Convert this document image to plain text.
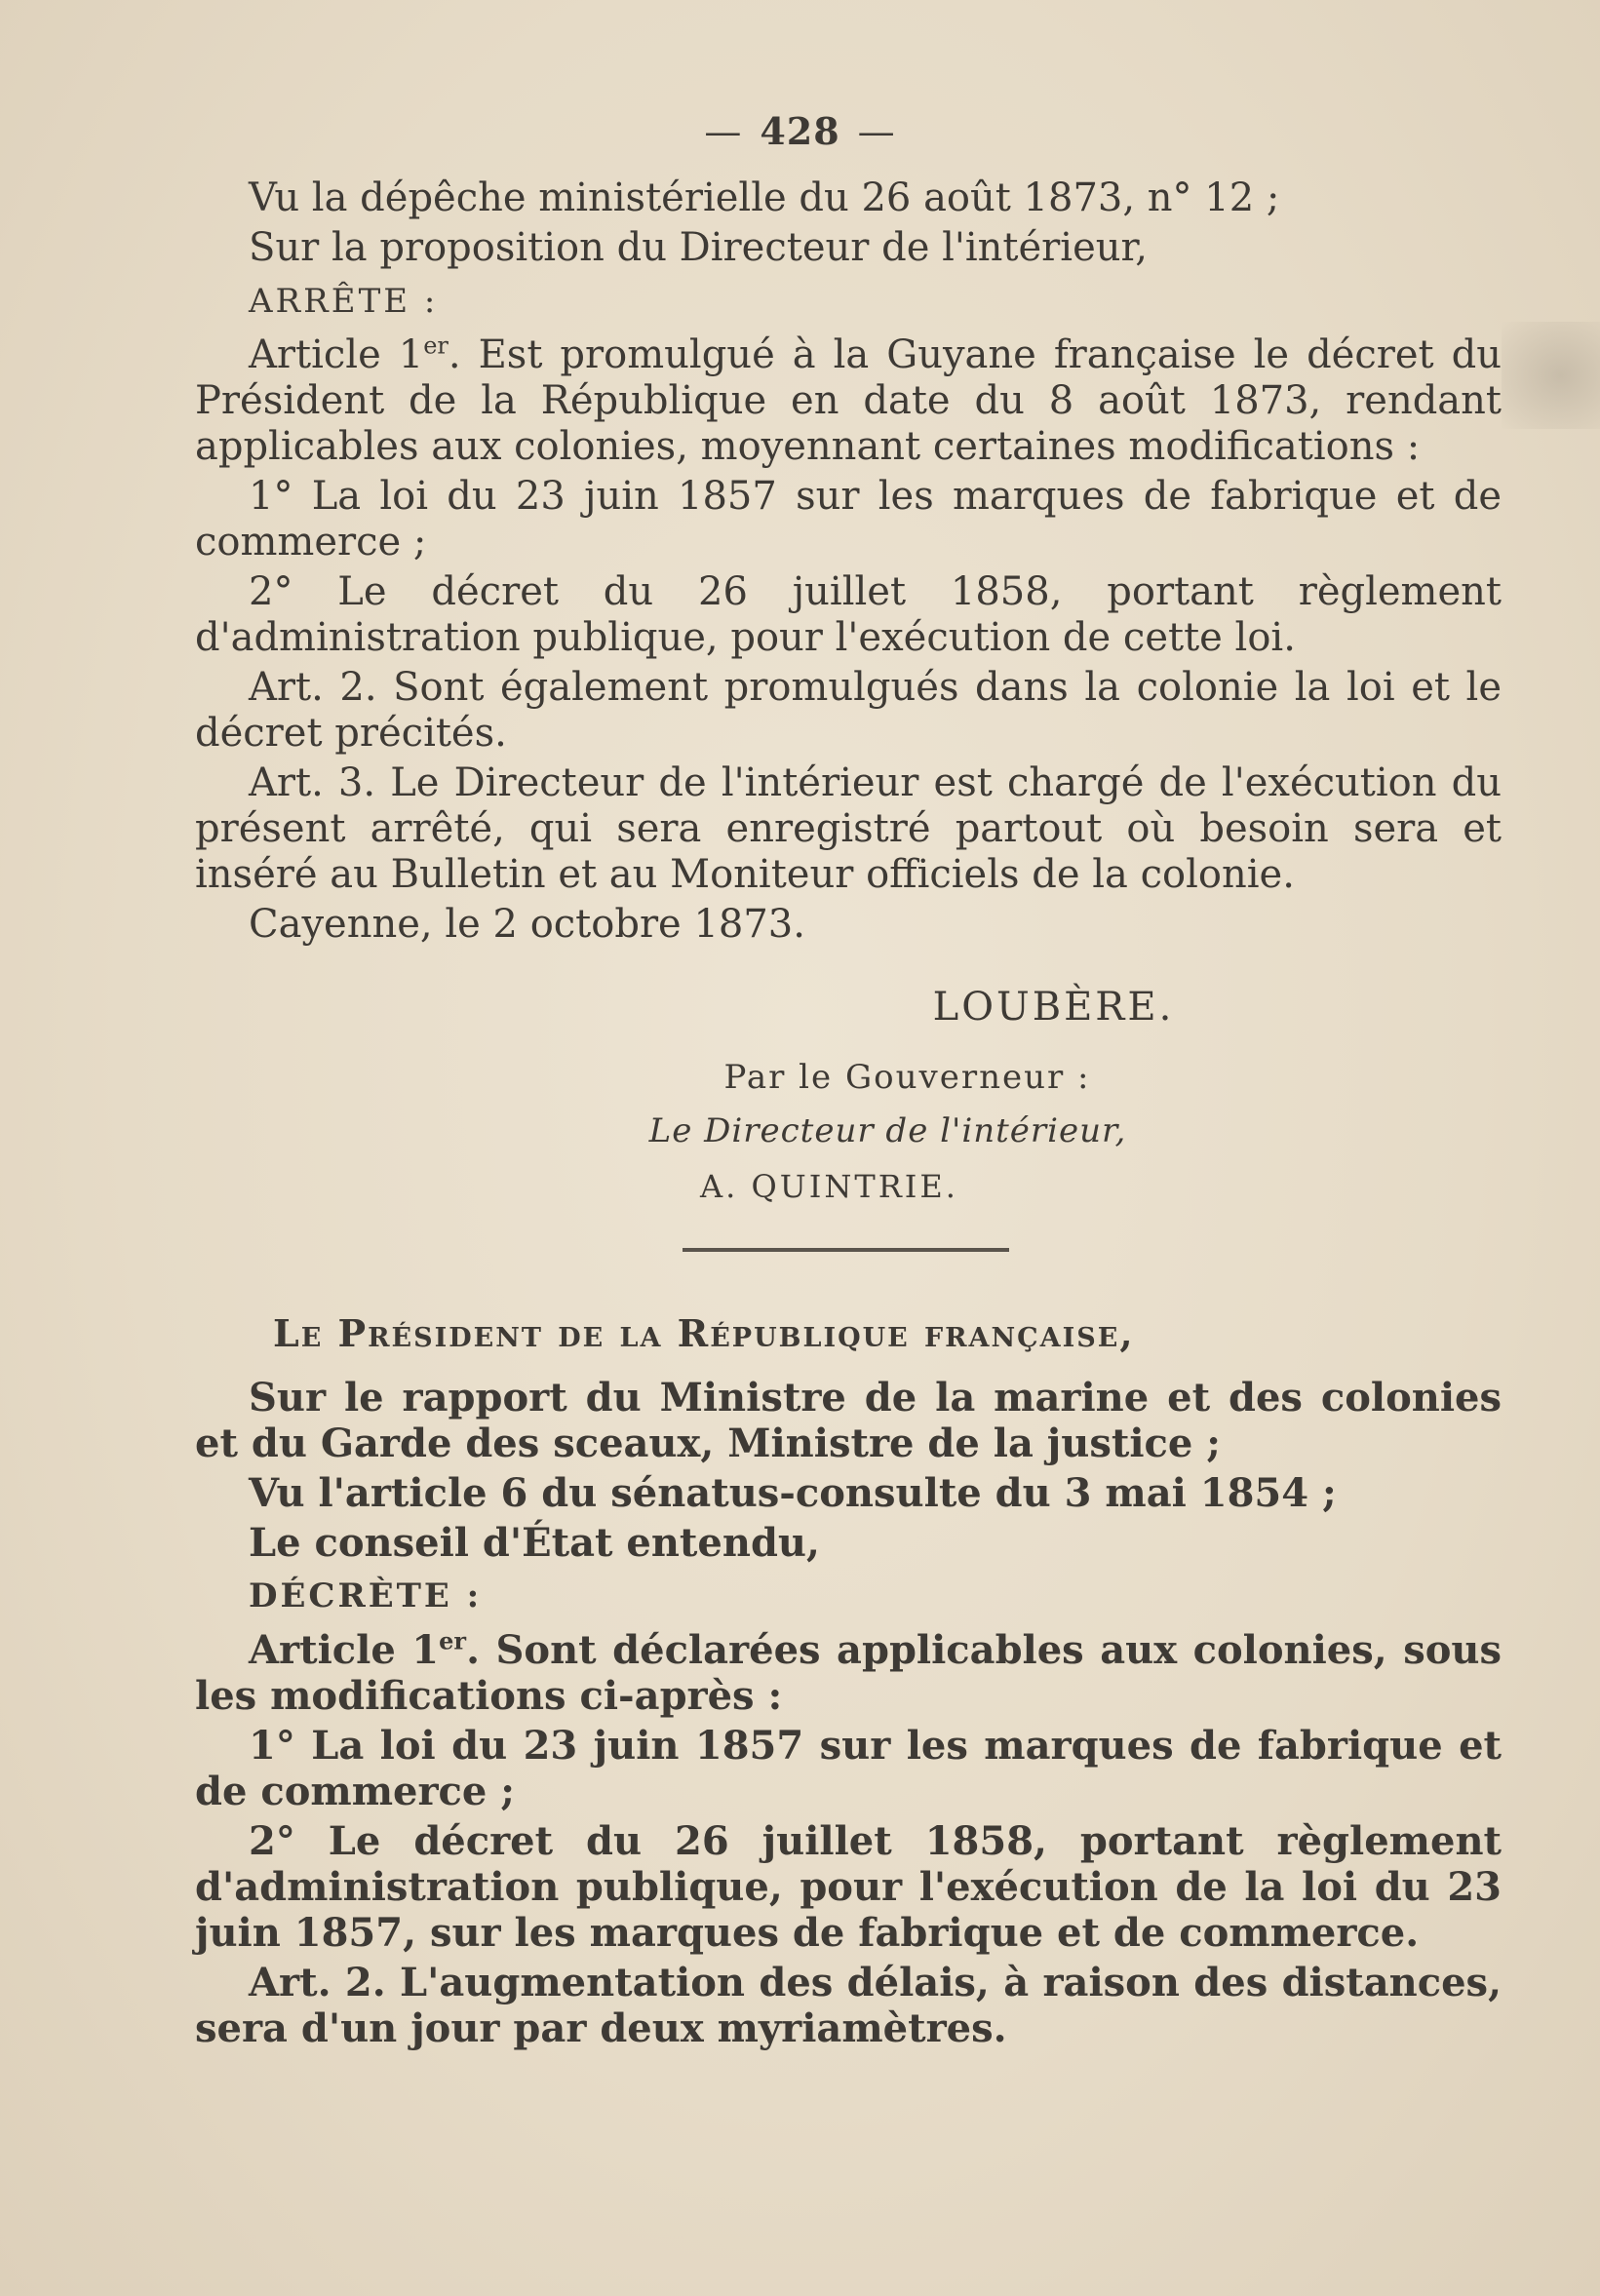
— 428 —

Vu la dépêche ministérielle du 26 août 1873, n° 12 ;

Sur la proposition du Directeur de l'intérieur,

ARRÊTE :

Article 1er. Est promulgué à la Guyane française le décret du Président de la République en date du 8 août 1873, rendant applicables aux colonies, moyennant certaines modifications :

1° La loi du 23 juin 1857 sur les marques de fabrique et de commerce ;

2° Le décret du 26 juillet 1858, portant règlement d'administration publique, pour l'exécution de cette loi.

Art. 2. Sont également promulgués dans la colonie la loi et le décret précités.

Art. 3. Le Directeur de l'intérieur est chargé de l'exécution du présent arrêté, qui sera enregistré partout où besoin sera et inséré au Bulletin et au Moniteur officiels de la colonie.

Cayenne, le 2 octobre 1873.

LOUBÈRE.
Par le Gouverneur :
Le Directeur de l'intérieur,
A. QUINTRIE.
Le Président de la République française,

Sur le rapport du Ministre de la marine et des colonies et du Garde des sceaux, Ministre de la justice ;

Vu l'article 6 du sénatus-consulte du 3 mai 1854 ;

Le conseil d'État entendu,

DÉCRÈTE :

Article 1er. Sont déclarées applicables aux colonies, sous les modifications ci-après :

1° La loi du 23 juin 1857 sur les marques de fabrique et de commerce ;

2° Le décret du 26 juillet 1858, portant règlement d'administration publique, pour l'exécution de la loi du 23 juin 1857, sur les marques de fabrique et de commerce.

Art. 2. L'augmentation des délais, à raison des distances, sera d'un jour par deux myriamètres.
